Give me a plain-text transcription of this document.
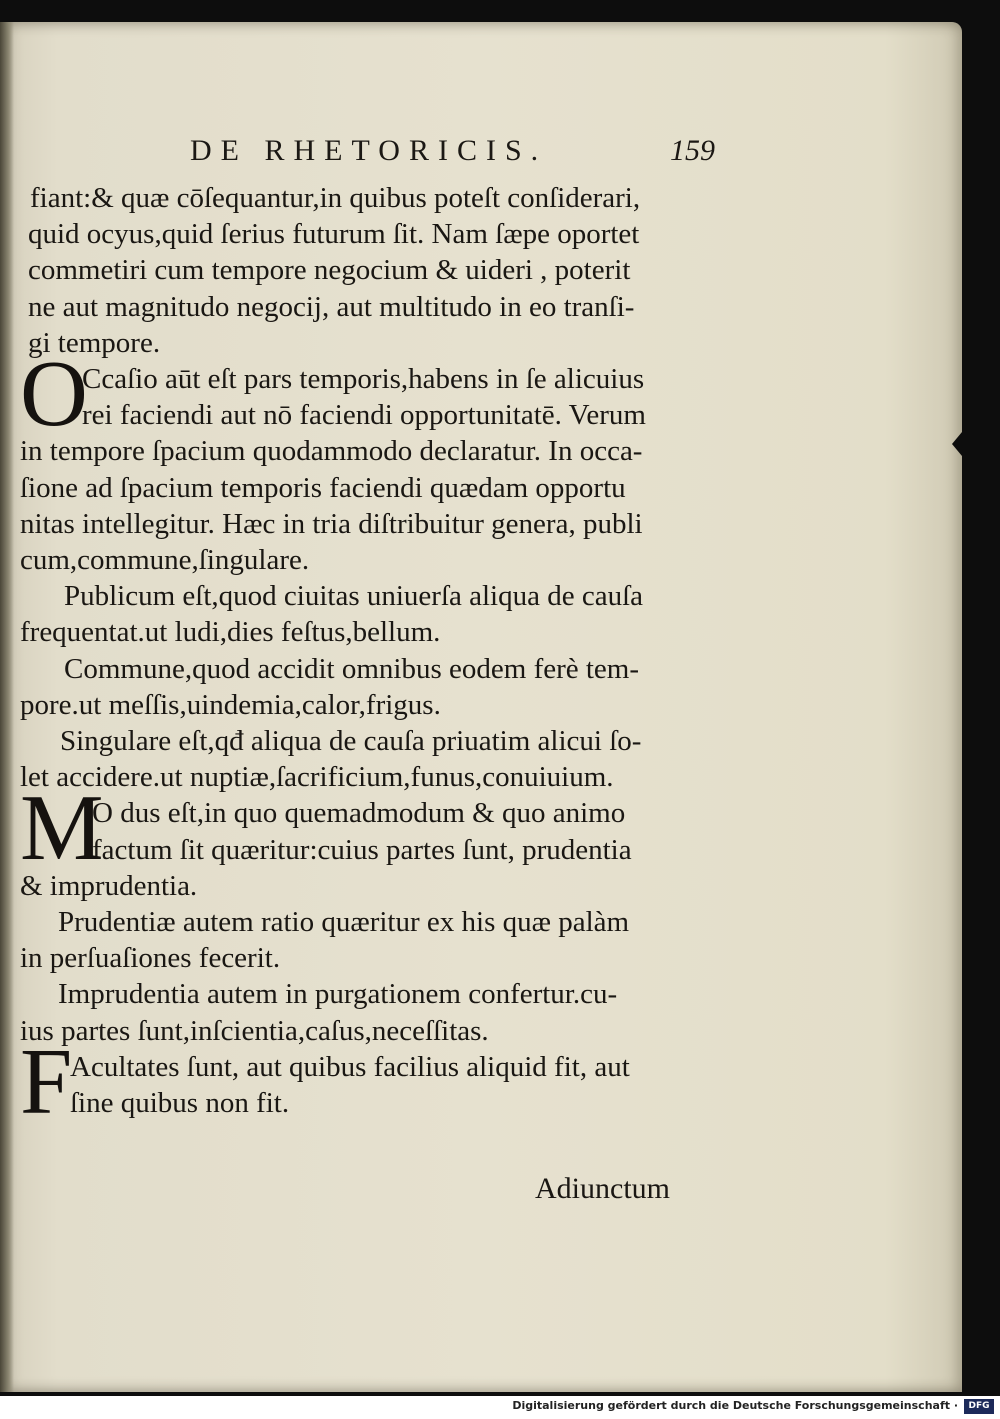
DE RHETORICIS.	159
fiant:& quæ cōſequantur,in quibus poteſt conſiderari,
quid ocyus,quid ſerius futurum ſit. Nam ſæpe oportet
commetiri cum tempore negocium & uideri , poterit
ne aut magnitudo negocij, aut multitudo in eo tranſi-
gi tempore.
Ccaſio aūt eſt pars temporis,habens in ſe alicuius
rei faciendi aut nō faciendi opportunitatē. Verum
in tempore ſpacium quodammodo declaratur. In occa-
ſione ad ſpacium temporis faciendi quædam opportu
nitas intellegitur. Hæc in tria diſtribuitur genera, publi
cum,commune,ſingulare.
Publicum eſt,quod ciuitas uniuerſa aliqua de cauſa
frequentat.ut ludi,dies feſtus,bellum.
Commune,quod accidit omnibus eodem ferè tem-
pore.ut meſſis,uindemia,calor,frigus.
Singulare eſt,qđ aliqua de cauſa priuatim alicui ſo-
let accidere.ut nuptiæ,ſacrificium,funus,conuiuium.
O dus eſt,in quo quemadmodum & quo animo
factum ſit quæritur:cuius partes ſunt, prudentia
& imprudentia.
Prudentiæ autem ratio quæritur ex his quæ palàm
in perſuaſiones fecerit.
Imprudentia autem in purgationem confertur.cu-
ius partes ſunt,inſcientia,caſus,neceſſitas.
Acultates ſunt, aut quibus facilius aliquid fit, aut
ſine quibus non fit.
O
M
F
Adiunctum
Digitalisierung gefördert durch die Deutsche Forschungsgemeinschaft ·	DFG
